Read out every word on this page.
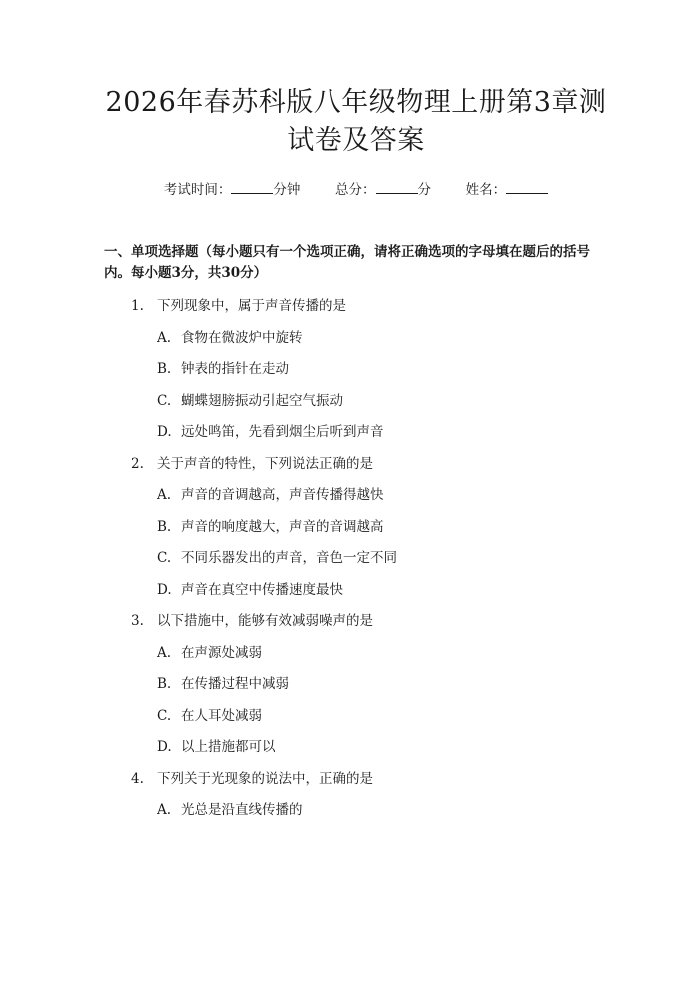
2026年春苏科版八年级物理上册第3章测试卷及答案
考试时间：	分钟	总分：	分	姓名：
一、单项选择题（每小题只有一个选项正确，请将正确选项的字母填在题后的括号内。每小题3分，共30分）
1. 下列现象中，属于声音传播的是
A. 食物在微波炉中旋转
B. 钟表的指针在走动
C. 蝴蝶翅膀振动引起空气振动
D. 远处鸣笛，先看到烟尘后听到声音
2. 关于声音的特性，下列说法正确的是
A. 声音的音调越高，声音传播得越快
B. 声音的响度越大，声音的音调越高
C. 不同乐器发出的声音，音色一定不同
D. 声音在真空中传播速度最快
3. 以下措施中，能够有效减弱噪声的是
A. 在声源处减弱
B. 在传播过程中减弱
C. 在人耳处减弱
D. 以上措施都可以
4. 下列关于光现象的说法中，正确的是
A. 光总是沿直线传播的
